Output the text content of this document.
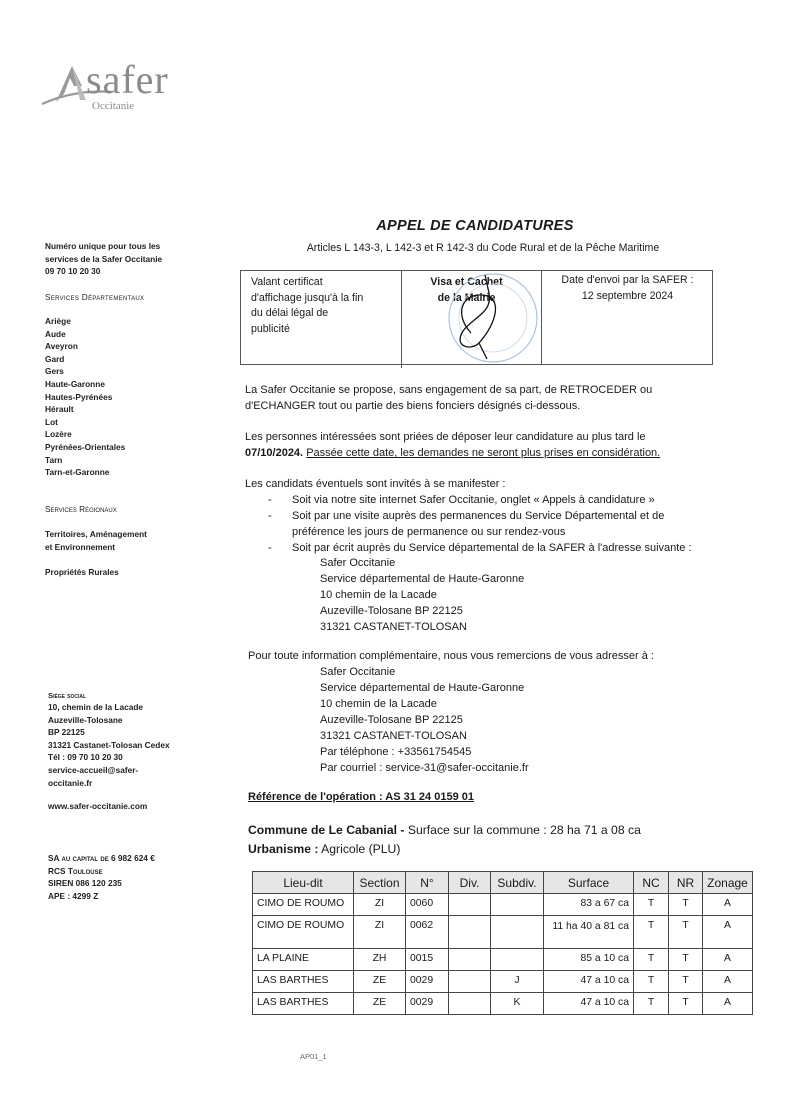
safer
Occitanie
Numéro unique pour tous les
services de la Safer Occitanie
09 70 10 20 30
Services Départementaux
Ariège
Aude
Aveyron
Gard
Gers
Haute-Garonne
Hautes-Pyrénées
Hérault
Lot
Lozère
Pyrénées-Orientales
Tarn
Tarn-et-Garonne
Services Régionaux
Territoires, Aménagement
et Environnement
Propriétés Rurales
Siège social
10, chemin de la Lacade
Auzeville-Tolosane
BP 22125
31321 Castanet-Tolosan Cedex
Tél : 09 70 10 20 30
service-accueil@safer-
occitanie.fr
www.safer-occitanie.com
SA au capital de 6 982 624 €
RCS Toulouse
SIREN 086 120 235
APE : 4299 Z
APPEL DE CANDIDATURES
Articles L 143-3, L 142-3 et R 142-3 du Code Rural et de la Pêche Maritime
Valant certificat
d'affichage jusqu'à la fin
du délai légal de
publicité
Visa et Cachet
de la Mairie
Date d'envoi par la SAFER :
12 septembre 2024
La Safer Occitanie se propose, sans engagement de sa part, de RETROCEDER ou
d'ECHANGER tout ou partie des biens fonciers désignés ci-dessous.
Les personnes intéressées sont priées de déposer leur candidature au plus tard le
07/10/2024. Passée cette date, les demandes ne seront plus prises en considération.
Les candidats éventuels sont invités à se manifester :
- Soit via notre site internet Safer Occitanie, onglet « Appels à candidature »
- Soit par une visite auprès des permanences du Service Départemental et de
préférence les jours de permanence ou sur rendez-vous
- Soit par écrit auprès du Service départemental de la SAFER à l'adresse suivante :
Safer Occitanie
Service départemental de Haute-Garonne
10 chemin de la Lacade
Auzeville-Tolosane BP 22125
31321 CASTANET-TOLOSAN
Pour toute information complémentaire, nous vous remercions de vous adresser à :
Safer Occitanie
Service départemental de Haute-Garonne
10 chemin de la Lacade
Auzeville-Tolosane BP 22125
31321 CASTANET-TOLOSAN
Par téléphone : +33561754545
Par courriel : service-31@safer-occitanie.fr
Référence de l'opération : AS 31 24 0159 01
Commune de Le Cabanial - Surface sur la commune : 28 ha 71 a 08 ca
Urbanisme : Agricole (PLU)
Lieu-dit	Section	N°	Div.	Subdiv.	Surface	NC	NR	Zonage
CIMO DE ROUMO	ZI	0060			83 a 67 ca	T	T	A
CIMO DE ROUMO	ZI	0062			11 ha 40 a 81 ca	T	T	A
LA PLAINE	ZH	0015			85 a 10 ca	T	T	A
LAS BARTHES	ZE	0029		J	47 a 10 ca	T	T	A
LAS BARTHES	ZE	0029		K	47 a 10 ca	T	T	A
AP01_1
